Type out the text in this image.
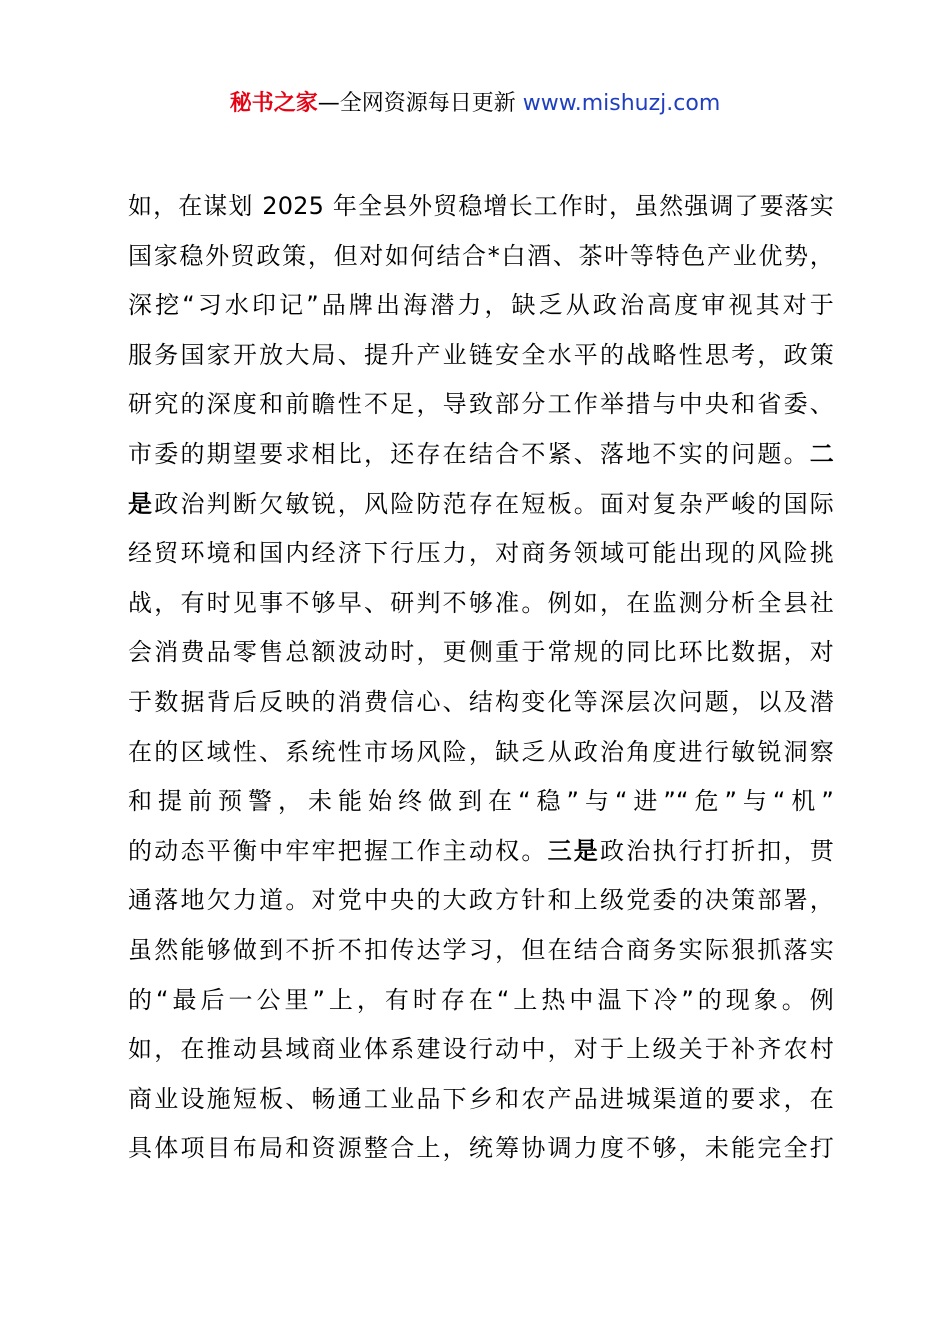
秘书之家—全网资源每日更新 www.mishuzj.com
如，在谋划 2025 年全县外贸稳增长工作时，虽然强调了要落实
国家稳外贸政策，但对如何结合*白酒、茶叶等特色产业优势，
深挖“习水印记”品牌出海潜力，缺乏从政治高度审视其对于
服务国家开放大局、提升产业链安全水平的战略性思考，政策
研究的深度和前瞻性不足，导致部分工作举措与中央和省委、
市委的期望要求相比，还存在结合不紧、落地不实的问题。二
是政治判断欠敏锐，风险防范存在短板。面对复杂严峻的国际
经贸环境和国内经济下行压力，对商务领域可能出现的风险挑
战，有时见事不够早、研判不够准。例如，在监测分析全县社
会消费品零售总额波动时，更侧重于常规的同比环比数据，对
于数据背后反映的消费信心、结构变化等深层次问题，以及潜
在的区域性、系统性市场风险，缺乏从政治角度进行敏锐洞察
和提前预警，未能始终做到在“稳”与“进”“危”与“机”
的动态平衡中牢牢把握工作主动权。三是政治执行打折扣，贯
通落地欠力道。对党中央的大政方针和上级党委的决策部署，
虽然能够做到不折不扣传达学习，但在结合商务实际狠抓落实
的“最后一公里”上，有时存在“上热中温下冷”的现象。例
如，在推动县域商业体系建设行动中，对于上级关于补齐农村
商业设施短板、畅通工业品下乡和农产品进城渠道的要求，在
具体项目布局和资源整合上，统筹协调力度不够，未能完全打
